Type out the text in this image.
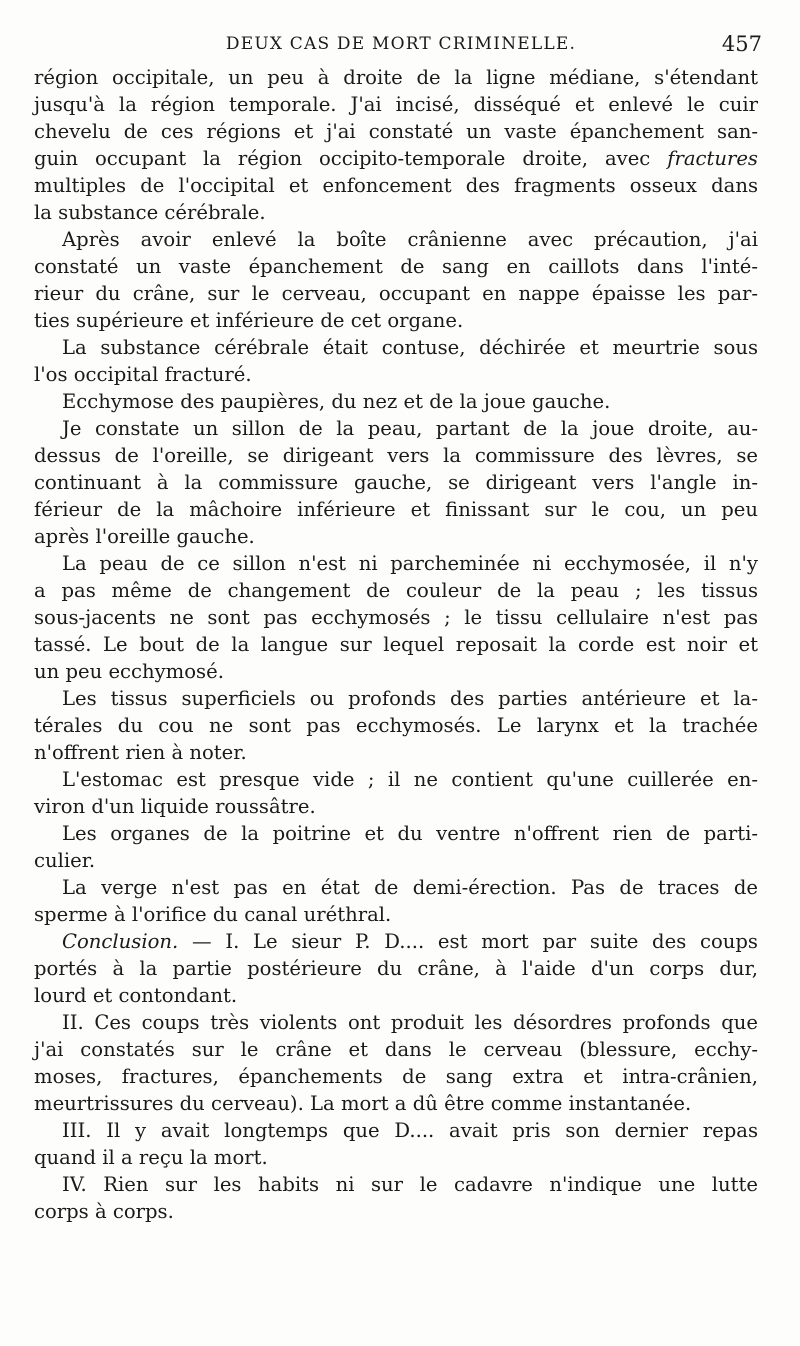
DEUX CAS DE MORT CRIMINELLE.	457

région occipitale, un peu à droite de la ligne médiane, s'étendant
jusqu'à la région temporale. J'ai incisé, disséqué et enlevé le cuir
chevelu de ces régions et j'ai constaté un vaste épanchement san-
guin occupant la région occipito-temporale droite, avec fractures
multiples de l'occipital et enfoncement des fragments osseux dans
la substance cérébrale.

Après avoir enlevé la boîte crânienne avec précaution, j'ai
constaté un vaste épanchement de sang en caillots dans l'inté-
rieur du crâne, sur le cerveau, occupant en nappe épaisse les par-
ties supérieure et inférieure de cet organe.

La substance cérébrale était contuse, déchirée et meurtrie sous
l'os occipital fracturé.

Ecchymose des paupières, du nez et de la joue gauche.

Je constate un sillon de la peau, partant de la joue droite, au-
dessus de l'oreille, se dirigeant vers la commissure des lèvres, se
continuant à la commissure gauche, se dirigeant vers l'angle in-
férieur de la mâchoire inférieure et finissant sur le cou, un peu
après l'oreille gauche.

La peau de ce sillon n'est ni parcheminée ni ecchymosée, il n'y
a pas même de changement de couleur de la peau ; les tissus
sous-jacents ne sont pas ecchymosés ; le tissu cellulaire n'est pas
tassé. Le bout de la langue sur lequel reposait la corde est noir et
un peu ecchymosé.

Les tissus superficiels ou profonds des parties antérieure et la-
térales du cou ne sont pas ecchymosés. Le larynx et la trachée
n'offrent rien à noter.

L'estomac est presque vide ; il ne contient qu'une cuillerée en-
viron d'un liquide roussâtre.

Les organes de la poitrine et du ventre n'offrent rien de parti-
culier.

La verge n'est pas en état de demi-érection. Pas de traces de
sperme à l'orifice du canal uréthral.

Conclusion. — I. Le sieur P. D.... est mort par suite des coups
portés à la partie postérieure du crâne, à l'aide d'un corps dur,
lourd et contondant.

II. Ces coups très violents ont produit les désordres profonds que
j'ai constatés sur le crâne et dans le cerveau (blessure, ecchy-
moses, fractures, épanchements de sang extra et intra-crânien,
meurtrissures du cerveau). La mort a dû être comme instantanée.

III. Il y avait longtemps que D.... avait pris son dernier repas
quand il a reçu la mort.

IV. Rien sur les habits ni sur le cadavre n'indique une lutte
corps à corps.
